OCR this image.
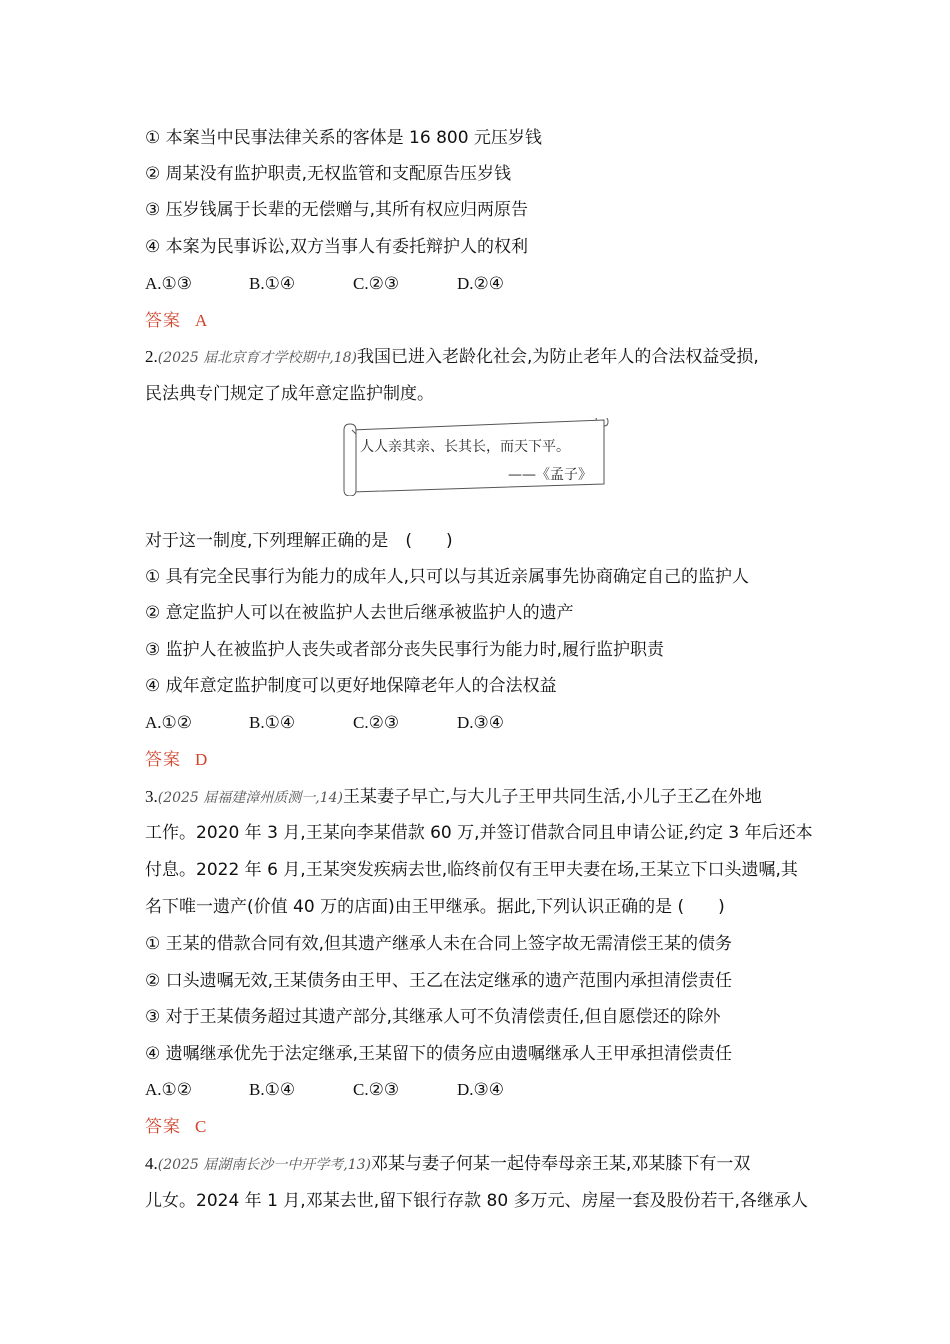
① 本案当中民事法律关系的客体是 16 800 元压岁钱
② 周某没有监护职责,无权监管和支配原告压岁钱
③ 压岁钱属于长辈的无偿赠与,其所有权应归两原告
④ 本案为民事诉讼,双方当事人有委托辩护人的权利
A.①③	B.①④	C.②③	D.②④
答案 A
2.(2025 届北京育才学校期中,18)我国已进入老龄化社会,为防止老年人的合法权益受损,
民法典专门规定了成年意定监护制度。
人人亲其亲、长其长，而天下平。
——《孟子》
对于这一制度,下列理解正确的是　(　　)
① 具有完全民事行为能力的成年人,只可以与其近亲属事先协商确定自己的监护人
② 意定监护人可以在被监护人去世后继承被监护人的遗产
③ 监护人在被监护人丧失或者部分丧失民事行为能力时,履行监护职责
④ 成年意定监护制度可以更好地保障老年人的合法权益
A.①②	B.①④	C.②③	D.③④
答案 D
3.(2025 届福建漳州质测一,14)王某妻子早亡,与大儿子王甲共同生活,小儿子王乙在外地
工作。2020 年 3 月,王某向李某借款 60 万,并签订借款合同且申请公证,约定 3 年后还本
付息。2022 年 6 月,王某突发疾病去世,临终前仅有王甲夫妻在场,王某立下口头遗嘱,其
名下唯一遗产(价值 40 万的店面)由王甲继承。据此,下列认识正确的是 (　　)
① 王某的借款合同有效,但其遗产继承人未在合同上签字故无需清偿王某的债务
② 口头遗嘱无效,王某债务由王甲、王乙在法定继承的遗产范围内承担清偿责任
③ 对于王某债务超过其遗产部分,其继承人可不负清偿责任,但自愿偿还的除外
④ 遗嘱继承优先于法定继承,王某留下的债务应由遗嘱继承人王甲承担清偿责任
A.①②	B.①④	C.②③	D.③④
答案 C
4.(2025 届湖南长沙一中开学考,13)邓某与妻子何某一起侍奉母亲王某,邓某膝下有一双
儿女。2024 年 1 月,邓某去世,留下银行存款 80 多万元、房屋一套及股份若干,各继承人
